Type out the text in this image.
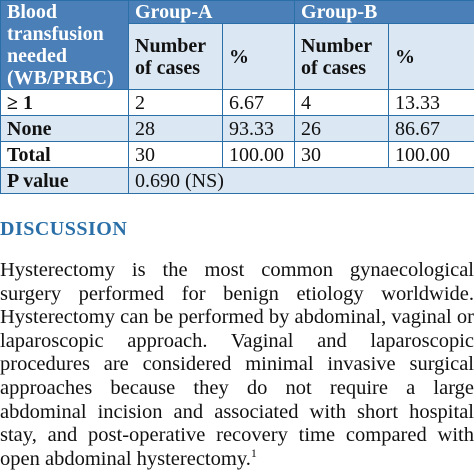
Blood transfusion needed (WB/PRBC)	Group-A		Group-B	
	Number of cases	%	Number of cases	%
≥ 1	2	6.67	4	13.33
None	28	93.33	26	86.67
Total	30	100.00	30	100.00
P value	0.690 (NS)			
DISCUSSION

Hysterectomy is the most common gynaecological surgery performed for benign etiology worldwide. Hysterectomy can be performed by abdominal, vaginal or laparoscopic approach. Vaginal and laparoscopic procedures are considered minimal invasive surgical approaches because they do not require a large abdominal incision and associated with short hospital stay, and post-operative recovery time compared with open abdominal hysterectomy.$^1$
